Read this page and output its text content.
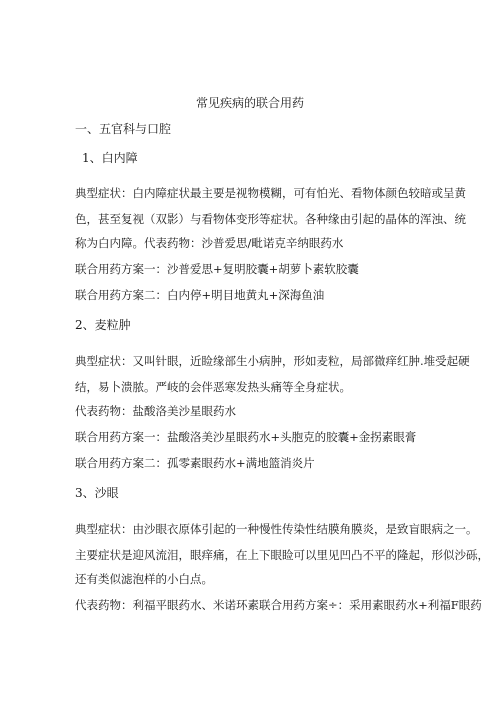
常见疾病的联合用药
一、五官科与口腔
1、白内障
典型症状：白内障症状最主要是视物模糊，可有怕光、看物体颜色较暗或呈黄
色，甚至复视（双影）与看物体变形等症状。各种缘由引起的晶体的浑浊、统
称为白内障。代表药物：沙普爱思/毗诺克辛纳眼药水
联合用药方案一：沙普爱思+复明胶囊+胡萝卜素软胶囊
联合用药方案二：白内停+明目地黄丸+深海鱼油
2、麦粒肿
典型症状：又叫针眼，近睑缘部生小病肿，形如麦粒，局部微痒红肿.堆受起硬
结，易卜溃脓。严岐的会伴恶寒发热头痛等全身症状。
代表药物：盐酸洛美沙星眼药水
联合用药方案一：盐酸洛美沙星眼药水+头胞克的胶囊+金拐素眼膏
联合用药方案二：孤零素眼药水+满地篮消炎片
3、沙眼
典型症状：由沙眼衣原体引起的一种慢性传染性结膜角膜炎，是致盲眼病之一。
主要症状是迎风流泪，眼痒痛，在上下眼睑可以里见凹凸不平的隆起，形似沙砾，
还有类似滤泡样的小白点。
代表药物：利福平眼药水、米诺环素联合用药方案÷：采用素眼药水+利福F眼药
